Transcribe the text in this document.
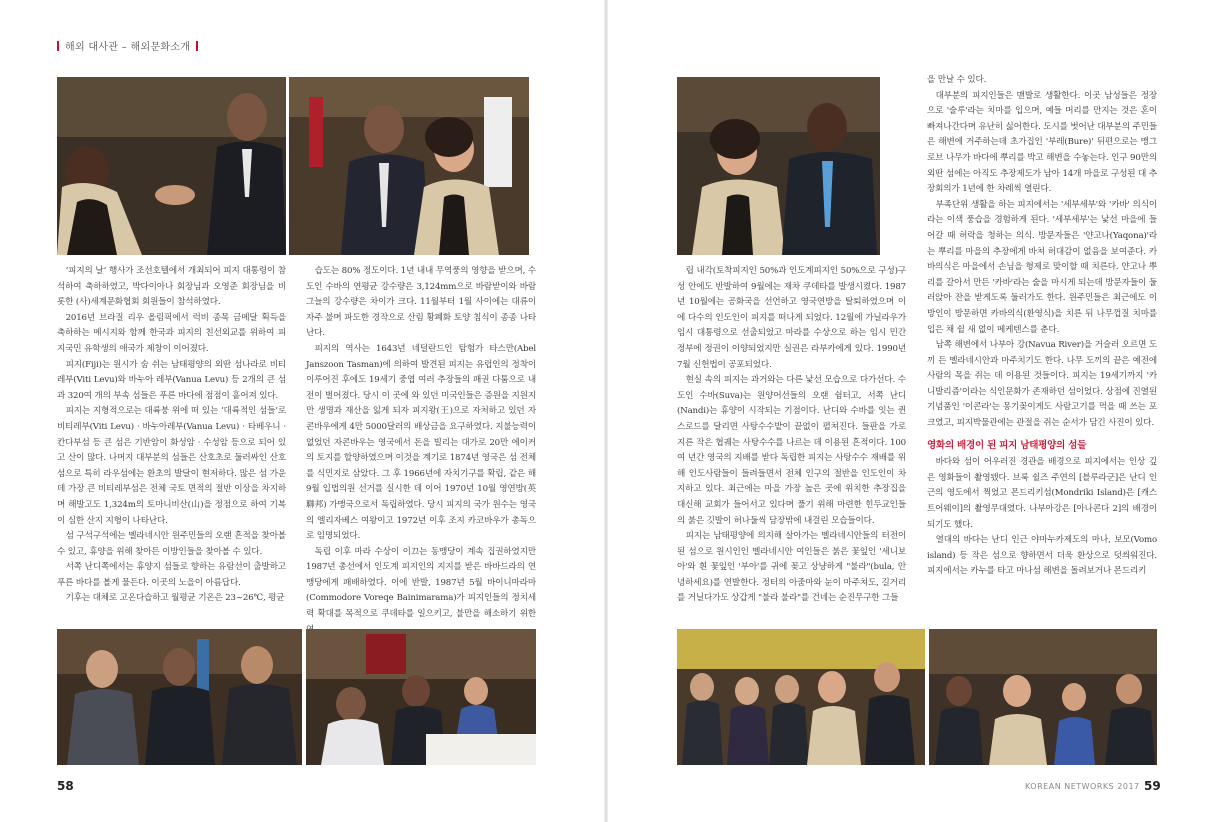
해외 대사관 – 해외문화소개

‘피지의 날’ 행사가 조선호텔에서 개최되어 피지 대통령이 참석하여 축하하였고, 박다이아나 회장님과 오영준 회장님을 비롯한 (사)세계문화협회 회원들이 참석하였다.

2016년 브라질 리우 올림픽에서 럭비 종목 금메달 획득을 축하하는 메시지와 함께 한국과 피지의 친선외교를 위하여 피지국민 유학생의 애국가 제창이 이어졌다.

피지(Fiji)는 원시가 숨 쉬는 남태평양의 외딴 섬나라로 비티레부(Viti Levu)와 바누아 레부(Vanua Levu) 등 2개의 큰 섬과 320여 개의 부속 섬들은 푸른 바다에 점점이 흩어져 있다.

피지는 지형적으로는 대륙붕 위에 떠 있는 ‘대륙적인 섬들’로 비티레부(Viti Levu) · 바누아레부(Vanua Levu) · 타베우니 · 칸다부섬 등 큰 섬은 기반암이 화성암 · 수성암 등으로 되어 있고 산이 많다. 나머지 대부분의 섬들은 산호초로 둘러싸인 산호섬으로 특히 라우섬에는 환초의 발달이 현저하다. 많은 섬 가운데 가장 큰 비티레부섬은 전체 국토 면적의 절반 이상을 차지하며 해발고도 1,324m의 토마니비산(山)을 정점으로 하여 기복이 심한 산지 지형이 나타난다.

섬 구석구석에는 멜라네시안 원주민들의 오랜 흔적을 찾아볼 수 있고, 휴양을 위해 찾아든 이방인들을 찾아볼 수 있다.

서쪽 난디쪽에서는 휴양지 섬들로 향하는 유람선이 출발하고 푸른 바다를 볼게 물든다. 이곳의 노을이 아름답다.

기후는 대체로 고온다습하고 월평균 기온은 23~26℃, 평균

습도는 80% 정도이다. 1년 내내 무역풍의 영향을 받으며, 수도인 수바의 연평균 강수량은 3,124mm으로 바람받이와 바람그늘의 강수량은 차이가 크다. 11월부터 1월 사이에는 대류이 자주 불며 파도한 경작으로 산림 황폐화 토양 침식이 종종 나타난다.

피지의 역사는 1643년 네덜란드인 탐험가 타스만(Abel Janszoon Tasman)에 의하여 발견된 피지는 유럽인의 정착이 이루어진 후에도 19세기 중엽 여러 추장들의 패권 다툼으로 내전이 벌어졌다. 당시 이 곳에 와 있던 미국인들은 증원을 지원지만 생명과 재산을 잃게 되자 피지왕(王)으로 자처하고 있던 자콘바우에게 4만 5000달러의 배상금을 요구하였다. 지불능력이 없었던 자콘바우는 영국에서 돈을 빌리는 대가로 20만 에이커의 토지를 할양하였으며 이것을 계기로 1874년 영국은 섬 전체를 식민지로 삼았다. 그 후 1966년에 자치기구를 확립, 같은 해 9월 입법의원 선거를 실시한 데 이어 1970년 10월 영연방(英聯邦) 가맹국으로서 독립하였다. 당시 피지의 국가 원수는 영국의 엘리자베스 여왕이고 1972년 이후 조지 카코바우가 총독으로 임명되었다.

독립 이후 마라 수상이 이끄는 동맹당이 계속 집권하였지만 1987년 총선에서 인도계 피지인의 지지를 받은 바바드라의 연맹당에게 패배하였다. 이에 반발, 1987년 5월 바이니마라마(Commodore Voreqe Bainimarama)가 피지인들의 정치세력 확대를 목적으로 쿠데타를 일으키고, 불만을 해소하기 위한

58

립 내각(토착피지인 50%과 인도계피지인 50%으로 구성)구성 안에도 반발하여 9월에는 재차 쿠데타를 발생시켰다. 1987년 10월에는 공화국을 선언하고 영국연방을 탈퇴하였으며 이에 다수의 인도인이 피지를 떠나게 되었다. 12월에 가닐라우가 임시 대통령으로 선출되었고 마라를 수상으로 하는 임시 민간정부에 정권이 이양되었지만 실권은 라부카에게 있다. 1990년 7월 신헌법이 공포되었다.

현실 속의 피지는 과거와는 다른 낯선 모습으로 다가선다. 수도인 수바(Suva)는 원양어선들의 오랜 쉼터고, 서쪽 난디(Nandi)는 휴양이 시작되는 기점이다. 난디와 수바를 잇는 퀸스로드를 달리면 사탕수수밭이 끝없이 펼쳐진다. 들판을 가로지른 작은 협궤는 사탕수수를 나르는 데 이용된 흔적이다. 100여 년간 영국의 지배를 받다 독립한 피지는 사탕수수 재배를 위해 인도사람들이 들려들면서 전체 인구의 절반을 인도인이 차지하고 있다. 최근에는 마을 가장 높은 곳에 위치한 추장집을 대신해 교회가 들어서고 있다며 풀기 위해 마련한 힌두교인들의 붉은 깃발이 허나둘씩 담장밖에 내걸린 모습들이다.

피지는 남태평양에 의지해 살아가는 멜라네시안들의 터전이된 섬으로 원시인인 멜라네시안 여인들은 붉은 꽃잎인 '세니보아'와 흰 꽃잎인 '부아'를 귀에 꽂고 상냥하게 "불라"(bula, 안녕하세요)를 연발한다. 정터의 아줌마와 눈이 마주쳐도, 길거리를 거닐다가도 상갑게 "불라 불라"를 건네는 순진무구한 그들

을 만날 수 있다.

대부분의 피지인들은 맨발로 생활한다. 이곳 남성들은 정장으로 '술루'라는 치마를 입으며, 예들 머리를 만지는 것은 혼이 빠져나간다며 유난히 싫어한다. 도시를 벗어난 대부분의 주민들은 해변에 거주하는데 초가집인 '부레(Bure)' 뒤편으로는 맹그로브 나무가 바다에 뿌리를 박고 해변을 수놓는다. 인구 90만의 외딴 섬에는 아직도 추장제도가 남아 14개 마을로 구성된 대 추장회의가 1년에 한 차례씩 열린다.

부족단위 생활을 하는 피지에서는 '세부세부'와 '카바' 의식이라는 이색 풍습을 경험하게 된다. '세부세부'는 낯선 마을에 들어갈 때 허락을 청하는 의식. 방문자들은 '얀고나(Yaqona)'라는 뿌리를 마을의 추장에게 바쳐 허대감이 없음을 보여준다. 카바의식은 마을에서 손님을 형제로 맞이할 때 치른다. 얀고나 뿌리를 갈아서 만든 '카바'라는 술을 마시게 되는데 방문자들이 둘러앉아 잔을 받게도록 둘러가도 한다. 원주민들은 최근에도 이방인이 방문하면 카바의식(환영식)을 치른 뒤 나무껍질 치마를 입은 채 쉴 새 없이 메케텐스를 춘다.

남쪽 해변에서 나부아 강(Navua River)을 거슬러 오르면 도끼 든 멜라네시안과 마주치기도 한다. 나무 도끼의 끝은 예전에 사람의 목을 쥐는 데 이용된 것들이다. 피지는 19세기까지 '카니발리즘'이라는 식인문화가 존재하던 섬이었다. 상점에 진열된 기념품인 '이콘라'는 몽기꽂이게도 사람고기를 먹을 때 쓰는 포크였고, 피지박물관에는 관절을 쥐는 순서가 담긴 사진이 있다.

영화의 배경이 된 피지 남태평양의 섬들

바다와 섬이 어우러진 경관을 배경으로 피지에서는 인상 깊은 영화들이 촬영됐다. 브룩 쉴즈 주연의 [블루라군]은 난디 인근의 영도에서 찍었고 몬드리키섬(Mondriki Island)은 [캐스트어웨이]의 촬영무대였다. 나부아강은 [아나콘다 2]의 배경이 되기도 했다.

열대의 바다는 난디 인근 야마누카제도의 마나, 보모(Vomo island) 등 작은 섬으로 향하면서 더욱 환상으로 덧씌워진다. 피지에서는 카누를 타고 마나섬 해변을 돌려보거나 몬드리키

KOREAN NETWORKS 2017 59
